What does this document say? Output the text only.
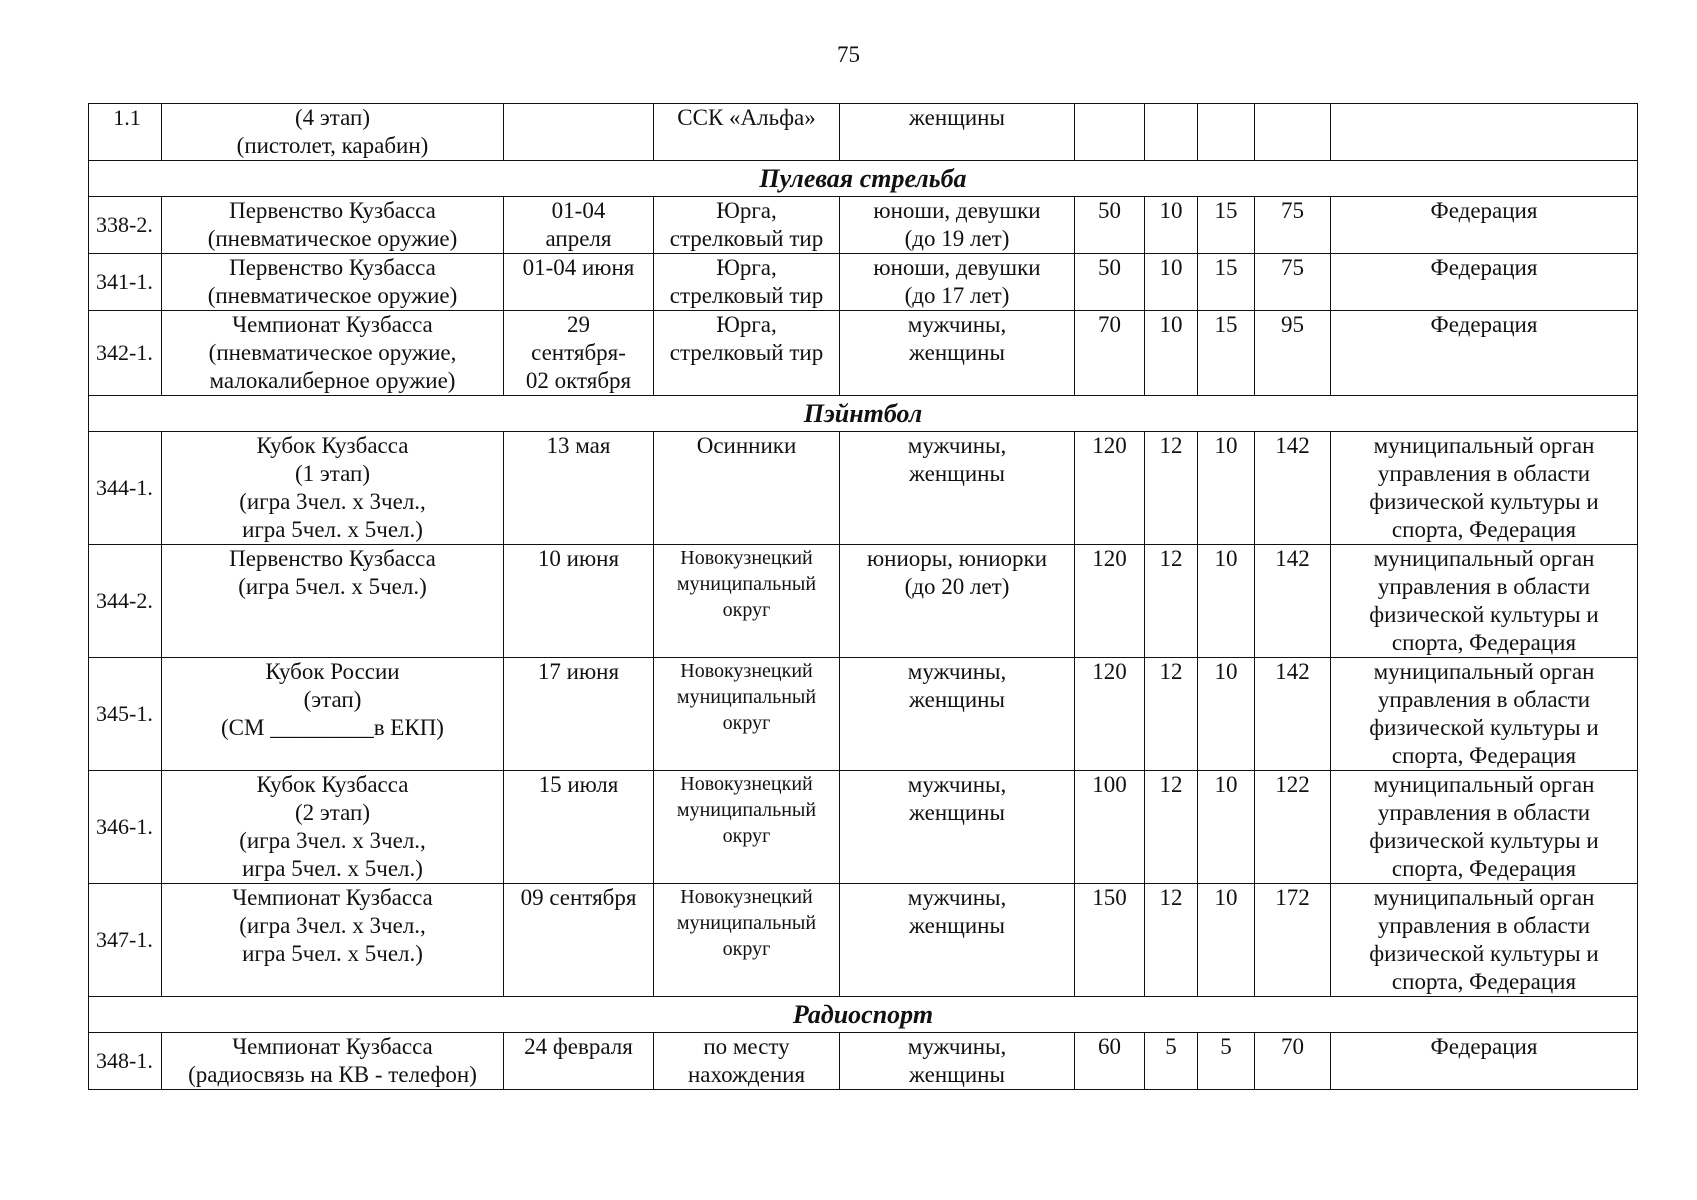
75
1.1	(4 этап)
(пистолет, карабин)		ССК «Альфа»	женщины					
Пулевая стрельба									
338-2.	Первенство Кузбасса
(пневматическое оружие)	01-04
апреля	Юрга,
стрелковый тир	юноши, девушки
(до 19 лет)	50	10	15	75	Федерация
341-1.	Первенство Кузбасса
(пневматическое оружие)	01-04 июня	Юрга,
стрелковый тир	юноши, девушки
(до 17 лет)	50	10	15	75	Федерация
342-1.	Чемпионат Кузбасса
(пневматическое оружие,
малокалиберное оружие)	29
сентября-
02 октября	Юрга,
стрелковый тир	мужчины,
женщины	70	10	15	95	Федерация
Пэйнтбол									
344-1.	Кубок Кузбасса
(1 этап)
(игра 3чел. х 3чел.,
игра 5чел. х 5чел.)	13 мая	Осинники	мужчины,
женщины	120	12	10	142	муниципальный орган управления в области физической культуры и спорта, Федерация
344-2.	Первенство Кузбасса
(игра 5чел. х 5чел.)	10 июня	Новокузнецкий
муниципальный
округ	юниоры, юниорки
(до 20 лет)	120	12	10	142	муниципальный орган управления в области физической культуры и спорта, Федерация
345-1.	Кубок России
(этап)
(СМ _________в ЕКП)	17 июня	Новокузнецкий
муниципальный
округ	мужчины,
женщины	120	12	10	142	муниципальный орган управления в области физической культуры и спорта, Федерация
346-1.	Кубок Кузбасса
(2 этап)
(игра 3чел. х 3чел.,
игра 5чел. х 5чел.)	15 июля	Новокузнецкий
муниципальный
округ	мужчины,
женщины	100	12	10	122	муниципальный орган управления в области физической культуры и спорта, Федерация
347-1.	Чемпионат Кузбасса
(игра 3чел. х 3чел.,
игра 5чел. х 5чел.)	09 сентября	Новокузнецкий
муниципальный
округ	мужчины,
женщины	150	12	10	172	муниципальный орган управления в области физической культуры и спорта, Федерация
Радиоспорт									
348-1.	Чемпионат Кузбасса
(радиосвязь на КВ - телефон)	24 февраля	по месту
нахождения	мужчины,
женщины	60	5	5	70	Федерация
